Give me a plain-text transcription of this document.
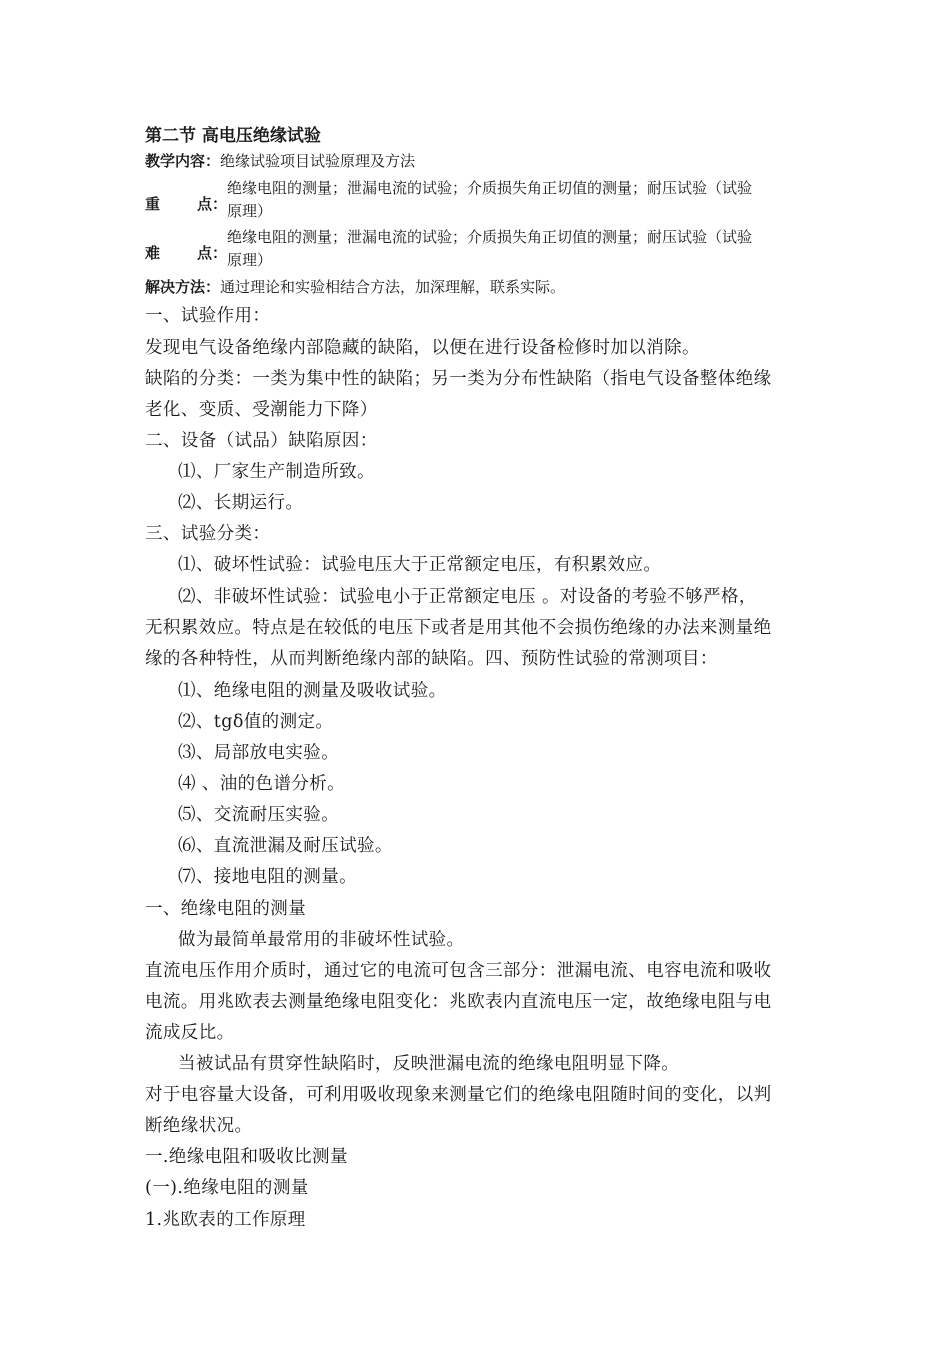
第二节 高电压绝缘试验
教学内容：绝缘试验项目试验原理及方法
重 点：
绝缘电阻的测量；泄漏电流的试验；介质损失角正切值的测量；耐压试验（试验
原理）
难 点：
绝缘电阻的测量；泄漏电流的试验；介质损失角正切值的测量；耐压试验（试验
原理）
解决方法：通过理论和实验相结合方法，加深理解，联系实际。
一、试验作用：
发现电气设备绝缘内部隐藏的缺陷，以便在进行设备检修时加以消除。
缺陷的分类：一类为集中性的缺陷；另一类为分布性缺陷（指电气设备整体绝缘
老化、变质、受潮能力下降）
二、设备（试品）缺陷原因：
⑴、厂家生产制造所致。
⑵、长期运行。
三、试验分类：
⑴、破坏性试验：试验电压大于正常额定电压，有积累效应。
⑵、非破坏性试验：试验电小于正常额定电压 。对设备的考验不够严格，
无积累效应。特点是在较低的电压下或者是用其他不会损伤绝缘的办法来测量绝
缘的各种特性，从而判断绝缘内部的缺陷。四、预防性试验的常测项目：
⑴、绝缘电阻的测量及吸收试验。
⑵、tgδ值的测定。
⑶、局部放电实验。
⑷ 、油的色谱分析。
⑸、交流耐压实验。
⑹、直流泄漏及耐压试验。
⑺、接地电阻的测量。
一、绝缘电阻的测量
做为最简单最常用的非破坏性试验。
直流电压作用介质时，通过它的电流可包含三部分：泄漏电流、电容电流和吸收
电流。用兆欧表去测量绝缘电阻变化：兆欧表内直流电压一定，故绝缘电阻与电
流成反比。
当被试品有贯穿性缺陷时，反映泄漏电流的绝缘电阻明显下降。
对于电容量大设备，可利用吸收现象来测量它们的绝缘电阻随时间的变化，以判
断绝缘状况。
一.绝缘电阻和吸收比测量
(一).绝缘电阻的测量
1.兆欧表的工作原理
